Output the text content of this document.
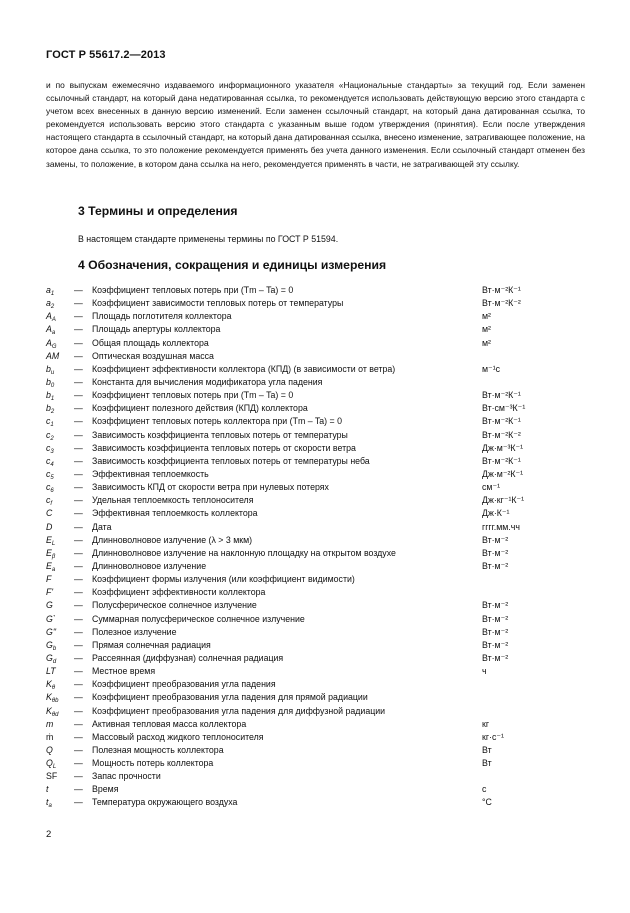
ГОСТ Р 55617.2—2013

и по выпускам ежемесячно издаваемого информационного указателя «Национальные стандарты» за текущий год. Если заменен ссылочный стандарт, на который дана недатированная ссылка, то рекомендуется использовать действующую версию этого стандарта с учетом всех внесенных в данную версию изменений. Если заменен ссылочный стандарт, на который дана датированная ссылка, то рекомендуется использовать версию этого стандарта с указанным выше годом утверждения (принятия). Если после утверждения настоящего стандарта в ссылочный стандарт, на который дана датированная ссылка, внесено изменение, затрагивающее положение, на которое дана ссылка, то это положение рекомендуется применять без учета данного изменения. Если ссылочный стандарт отменен без замены, то положение, в котором дана ссылка на него, рекомендуется применять в части, не затрагивающей эту ссылку.

3 Термины и определения

В настоящем стандарте применены термины по ГОСТ Р 51594.

4 Обозначения, сокращения и единицы измерения
$a_1$ — Коэффициент тепловых потерь при (Tm – Ta) = 0	Вт·м⁻²К⁻¹
$a_2$ — Коэффициент зависимости тепловых потерь от температуры	Вт·м⁻²К⁻²
$A_A$ — Площадь поглотителя коллектора	м²
$A_a$ — Площадь апертуры коллектора	м²
$A_G$ — Общая площадь коллектора	м²
AM — Оптическая воздушная масса
$b_u$ — Коэффициент эффективности коллектора (КПД) (в зависимости от ветра)	м⁻¹с
$b_0$ — Константа для вычисления модификатора угла падения
$b_1$ — Коэффициент тепловых потерь при (Tm – Ta) = 0	Вт·м⁻²К⁻¹
$b_2$ — Коэффициент полезного действия (КПД) коллектора	Вт·см⁻³К⁻¹
$c_1$ — Коэффициент тепловых потерь коллектора при (Tm – Ta) = 0	Вт·м⁻²К⁻¹
$c_2$ — Зависимость коэффициента тепловых потерь от температуры	Вт·м⁻²К⁻²
$c_3$ — Зависимость коэффициента тепловых потерь от скорости ветра	Дж·м⁻³К⁻¹
$c_4$ — Зависимость коэффициента тепловых потерь от температуры неба	Вт·м⁻²К⁻¹
$c_5$ — Эффективная теплоемкость	Дж·м⁻²К⁻¹
$c_6$ — Зависимость КПД от скорости ветра при нулевых потерях	см⁻¹
$c_f$ — Удельная теплоемкость теплоносителя	Дж·кг⁻¹К⁻¹
C — Эффективная теплоемкость коллектора	Дж·К⁻¹
D — Дата	гггг.мм.чч
$E_L$ — Длинноволновое излучение (λ > 3 мкм)	Вт·м⁻²
$E_\beta$ — Длинноволновое излучение на наклонную площадку на открытом воздухе	Вт·м⁻²
$E_a$ — Длинноволновое излучение	Вт·м⁻²
F	— Коэффициент формы излучения (или коэффициент видимости)
F' — Коэффициент эффективности коллектора
G — Полусферическое солнечное излучение	Вт·м⁻²
G` — Суммарная полусферическое солнечное излучение	Вт·м⁻²
G" — Полезное излучение	Вт·м⁻²
$G_b$ — Прямая солнечная радиация	Вт·м⁻²
$G_d$ — Рассеянная (диффузная) солнечная радиация	Вт·м⁻²
LT — Местное время	ч
$K_\theta$ — Коэффициент преобразования угла падения
$K_{\theta b}$ — Коэффициент преобразования угла падения для прямой радиации
$K_{\theta d}$ — Коэффициент преобразования угла падения для диффузной радиации
m — Активная тепловая масса коллектора	кг
ṁ — Массовый расход жидкого теплоносителя	кг·с⁻¹
Q — Полезная мощность коллектора	Вт
$Q_L$ — Мощность потерь коллектора	Вт
SF — Запас прочности
t	— Время	с
$t_a$	— Температура окружающего воздуха	°С
2
